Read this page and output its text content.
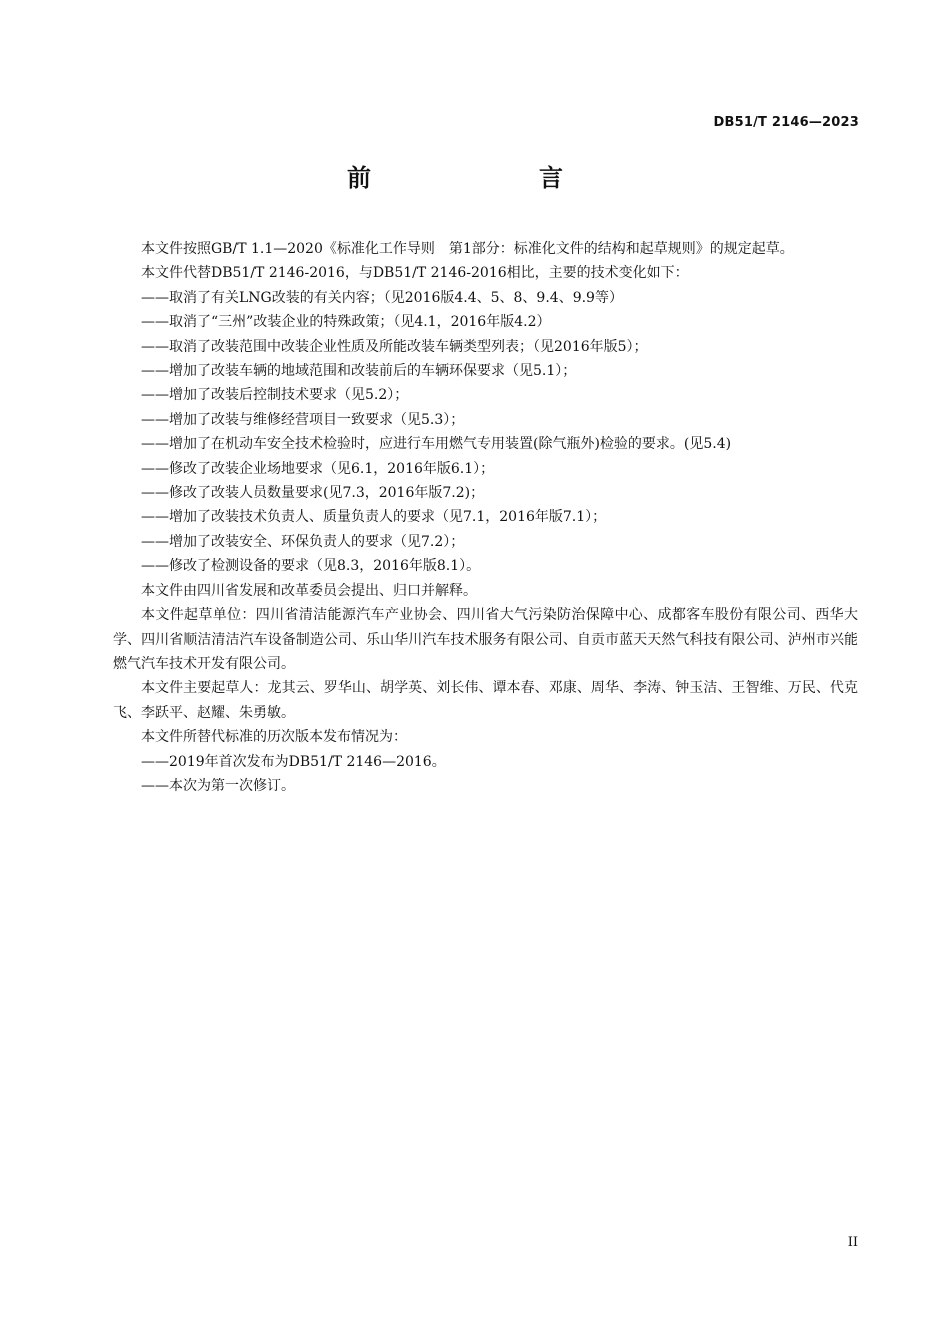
DB51/T 2146—2023
前　　言

本文件按照GB/T 1.1—2020《标准化工作导则　第1部分：标准化文件的结构和起草规则》的规定起草。

本文件代替DB51/T 2146-2016，与DB51/T 2146-2016相比，主要的技术变化如下：

——取消了有关LNG改装的有关内容；（见2016版4.4、5、8、9.4、9.9等）

——取消了“三州”改装企业的特殊政策；（见4.1，2016年版4.2）

——取消了改装范围中改装企业性质及所能改装车辆类型列表；（见2016年版5）；

——增加了改装车辆的地域范围和改装前后的车辆环保要求（见5.1）；

——增加了改装后控制技术要求（见5.2）；

——增加了改装与维修经营项目一致要求（见5.3）；

——增加了在机动车安全技术检验时，应进行车用燃气专用装置(除气瓶外)检验的要求。(见5.4)

——修改了改装企业场地要求（见6.1，2016年版6.1）；

——修改了改装人员数量要求(见7.3，2016年版7.2)；

——增加了改装技术负责人、质量负责人的要求（见7.1，2016年版7.1）；

——增加了改装安全、环保负责人的要求（见7.2）；

——修改了检测设备的要求（见8.3，2016年版8.1）。

本文件由四川省发展和改革委员会提出、归口并解释。

本文件起草单位：四川省清洁能源汽车产业协会、四川省大气污染防治保障中心、成都客车股份有限公司、西华大学、四川省顺洁清洁汽车设备制造公司、乐山华川汽车技术服务有限公司、自贡市蓝天天然气科技有限公司、泸州市兴能燃气汽车技术开发有限公司。

本文件主要起草人：龙其云、罗华山、胡学英、刘长伟、谭本春、邓康、周华、李涛、钟玉洁、王智维、万民、代克飞、李跃平、赵耀、朱勇敏。

本文件所替代标准的历次版本发布情况为：

——2019年首次发布为DB51/T 2146—2016。

——本次为第一次修订。

II
